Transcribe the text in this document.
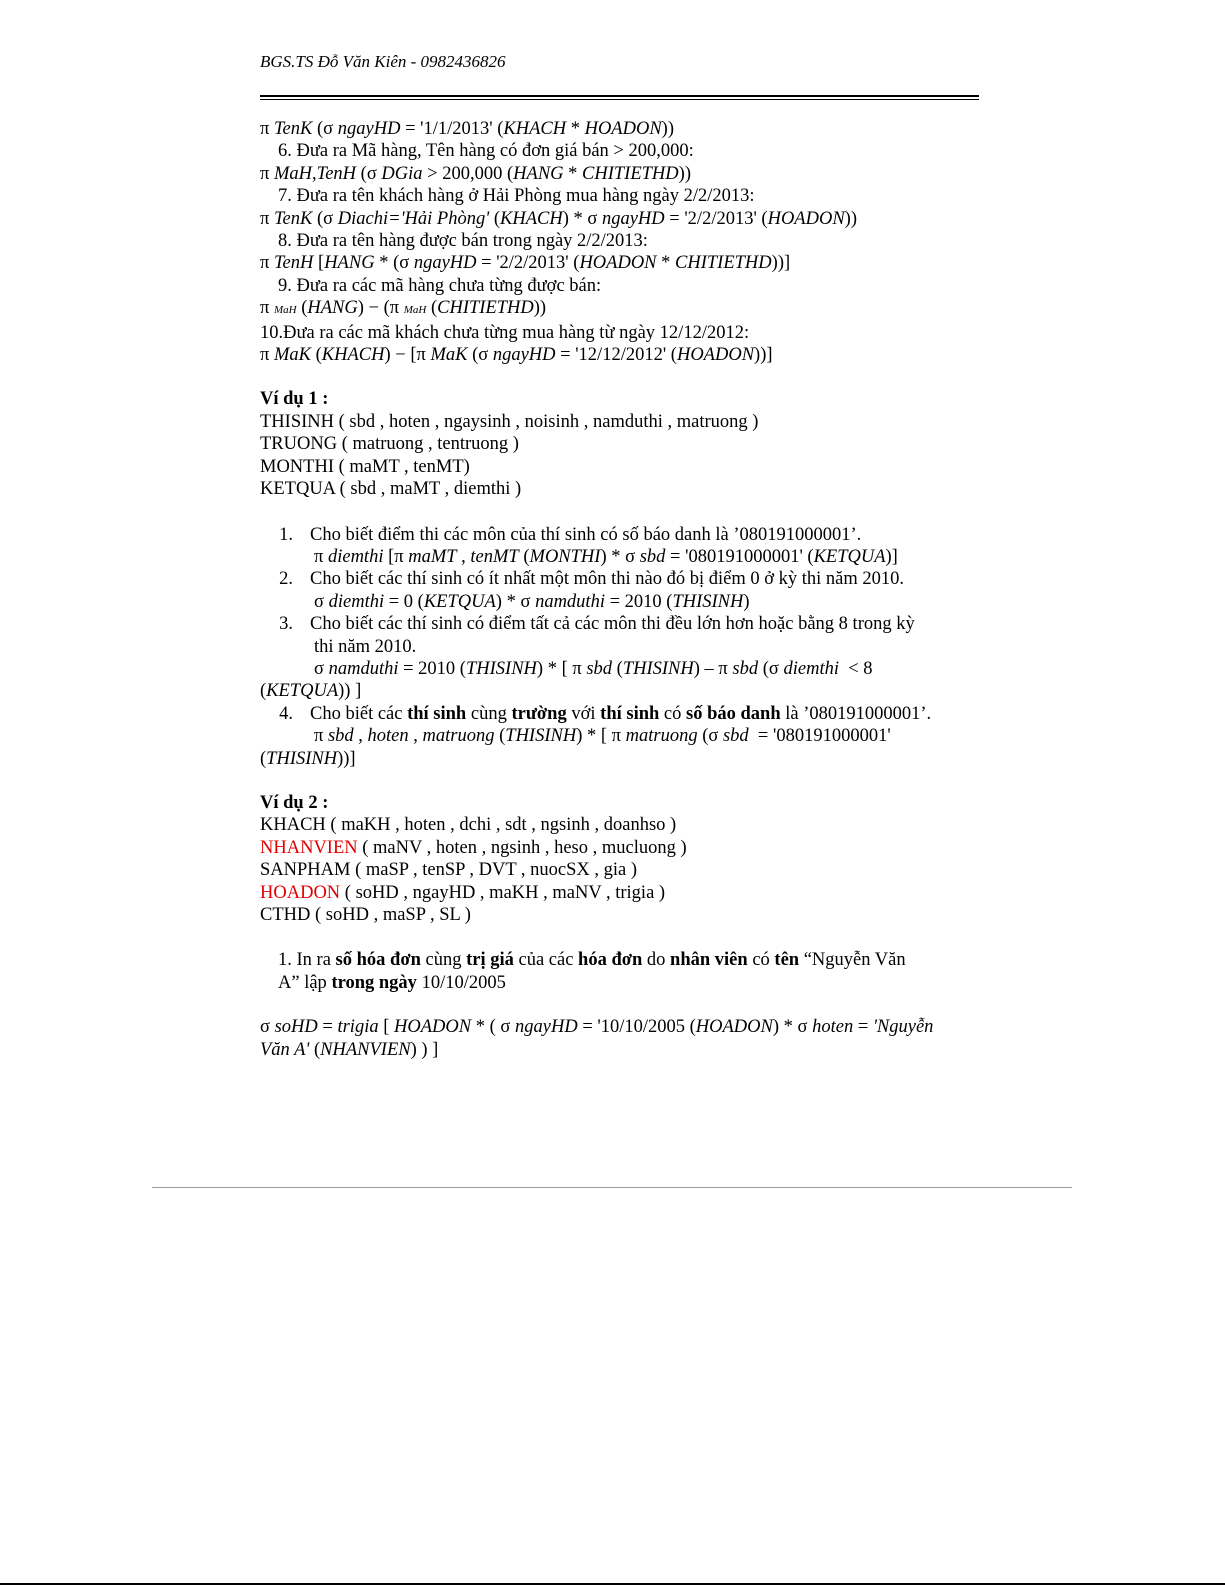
BGS.TS Đỗ Văn Kiên - 0982436826
π TenK (σ ngayHD = '1/1/2013' (KHACH * HOADON))
6. Đưa ra Mã hàng, Tên hàng có đơn giá bán > 200,000:
π MaH,TenH (σ DGia > 200,000 (HANG * CHITIETHD))
7. Đưa ra tên khách hàng ở Hải Phòng mua hàng ngày 2/2/2013:
π TenK (σ Diachi='Hải Phòng' (KHACH) * σ ngayHD = '2/2/2013' (HOADON))
8. Đưa ra tên hàng được bán trong ngày 2/2/2013:
π TenH [HANG * (σ ngayHD = '2/2/2013' (HOADON * CHITIETHD))]
9. Đưa ra các mã hàng chưa từng được bán:
π MaH (HANG) − (π MaH (CHITIETHD))
10.Đưa ra các mã khách chưa từng mua hàng từ ngày 12/12/2012:
π MaK (KHACH) − [π MaK (σ ngayHD = '12/12/2012' (HOADON))]
Ví dụ 1 :
THISINH ( sbd , hoten , ngaysinh , noisinh , namduthi , matruong )
TRUONG ( matruong , tentruong )
MONTHI ( maMT , tenMT)
KETQUA ( sbd , maMT , diemthi )
1. Cho biết điểm thi các môn của thí sinh có số báo danh là ’080191000001’.
π diemthi [π maMT , tenMT (MONTHI) * σ sbd = '080191000001' (KETQUA)]
2. Cho biết các thí sinh có ít nhất một môn thi nào đó bị điểm 0 ở kỳ thi năm 2010.
σ diemthi = 0 (KETQUA) * σ namduthi = 2010 (THISINH)
3. Cho biết các thí sinh có điểm tất cả các môn thi đều lớn hơn hoặc bằng 8 trong kỳ
thi năm 2010.
σ namduthi = 2010 (THISINH) * [ π sbd (THISINH) – π sbd (σ diemthi  < 8
(KETQUA)) ]
4. Cho biết các thí sinh cùng trường với thí sinh có số báo danh là ’080191000001’.
π sbd , hoten , matruong (THISINH) * [ π matruong (σ sbd  = '080191000001'
(THISINH))]
Ví dụ 2 :
KHACH ( maKH , hoten , dchi , sdt , ngsinh , doanhso )
NHANVIEN ( maNV , hoten , ngsinh , heso , mucluong )
SANPHAM ( maSP , tenSP , DVT , nuocSX , gia )
HOADON ( soHD , ngayHD , maKH , maNV , trigia )
CTHD ( soHD , maSP , SL )
1. In ra số hóa đơn cùng trị giá của các hóa đơn do nhân viên có tên “Nguyễn Văn
A” lập trong ngày 10/10/2005
σ soHD = trigia [ HOADON * ( σ ngayHD = '10/10/2005 (HOADON) * σ hoten = 'Nguyễn
Văn A' (NHANVIEN) ) ]
